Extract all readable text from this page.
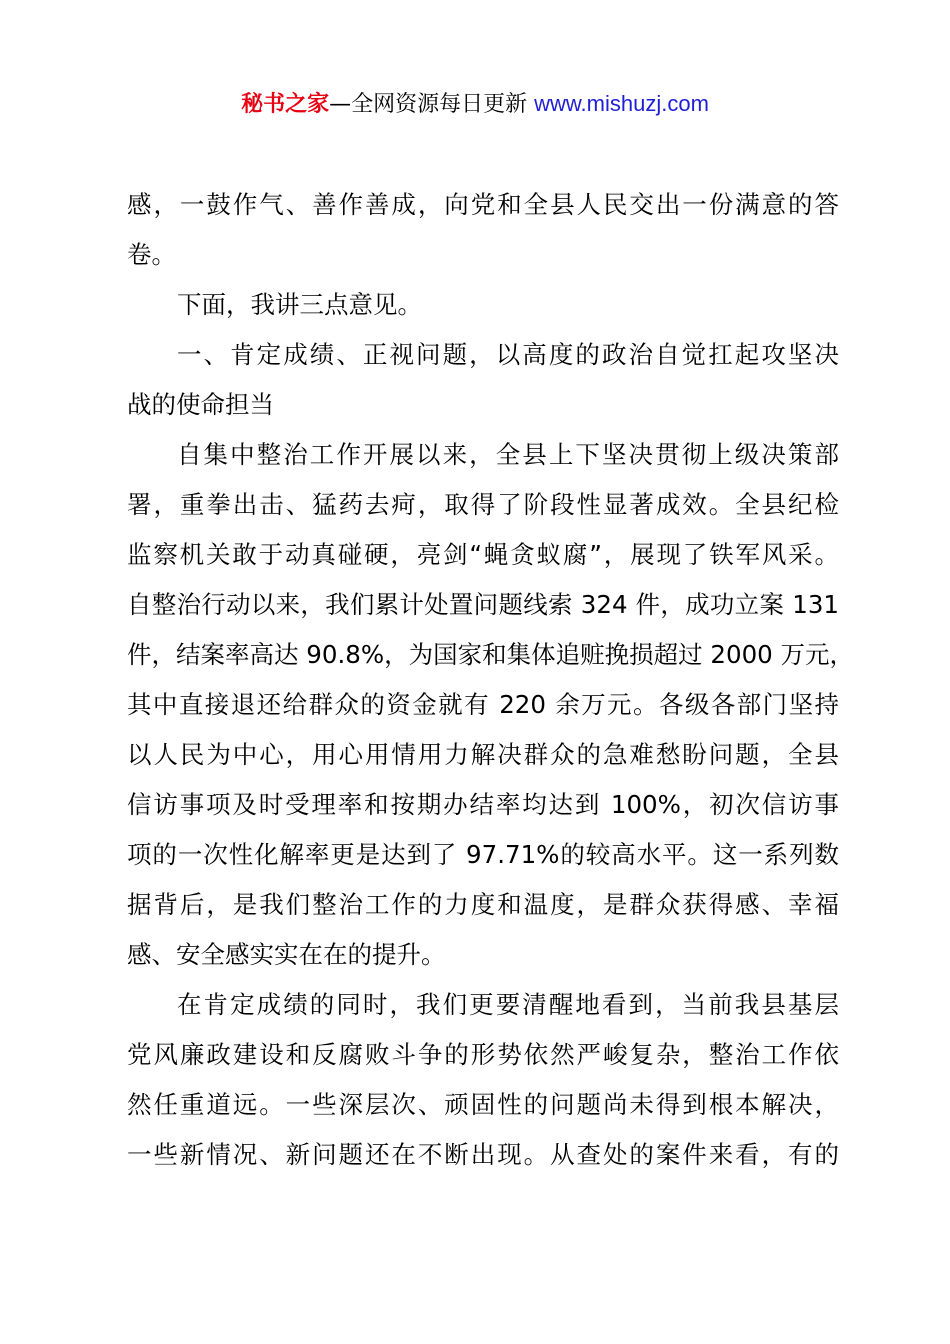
秘书之家—全网资源每日更新 www.mishuzj.com
感，一鼓作气、善作善成，向党和全县人民交出一份满意的答
卷。
下面，我讲三点意见。
一、肯定成绩、正视问题，以高度的政治自觉扛起攻坚决
战的使命担当
自集中整治工作开展以来，全县上下坚决贯彻上级决策部
署，重拳出击、猛药去疴，取得了阶段性显著成效。全县纪检
监察机关敢于动真碰硬，亮剑“蝇贪蚁腐”，展现了铁军风采。
自整治行动以来，我们累计处置问题线索 324 件，成功立案 131
件，结案率高达 90.8%，为国家和集体追赃挽损超过 2000 万元，
其中直接退还给群众的资金就有 220 余万元。各级各部门坚持
以人民为中心，用心用情用力解决群众的急难愁盼问题，全县
信访事项及时受理率和按期办结率均达到 100%，初次信访事
项的一次性化解率更是达到了 97.71%的较高水平。这一系列数
据背后，是我们整治工作的力度和温度，是群众获得感、幸福
感、安全感实实在在的提升。
在肯定成绩的同时，我们更要清醒地看到，当前我县基层
党风廉政建设和反腐败斗争的形势依然严峻复杂，整治工作依
然任重道远。一些深层次、顽固性的问题尚未得到根本解决，
一些新情况、新问题还在不断出现。从查处的案件来看，有的
